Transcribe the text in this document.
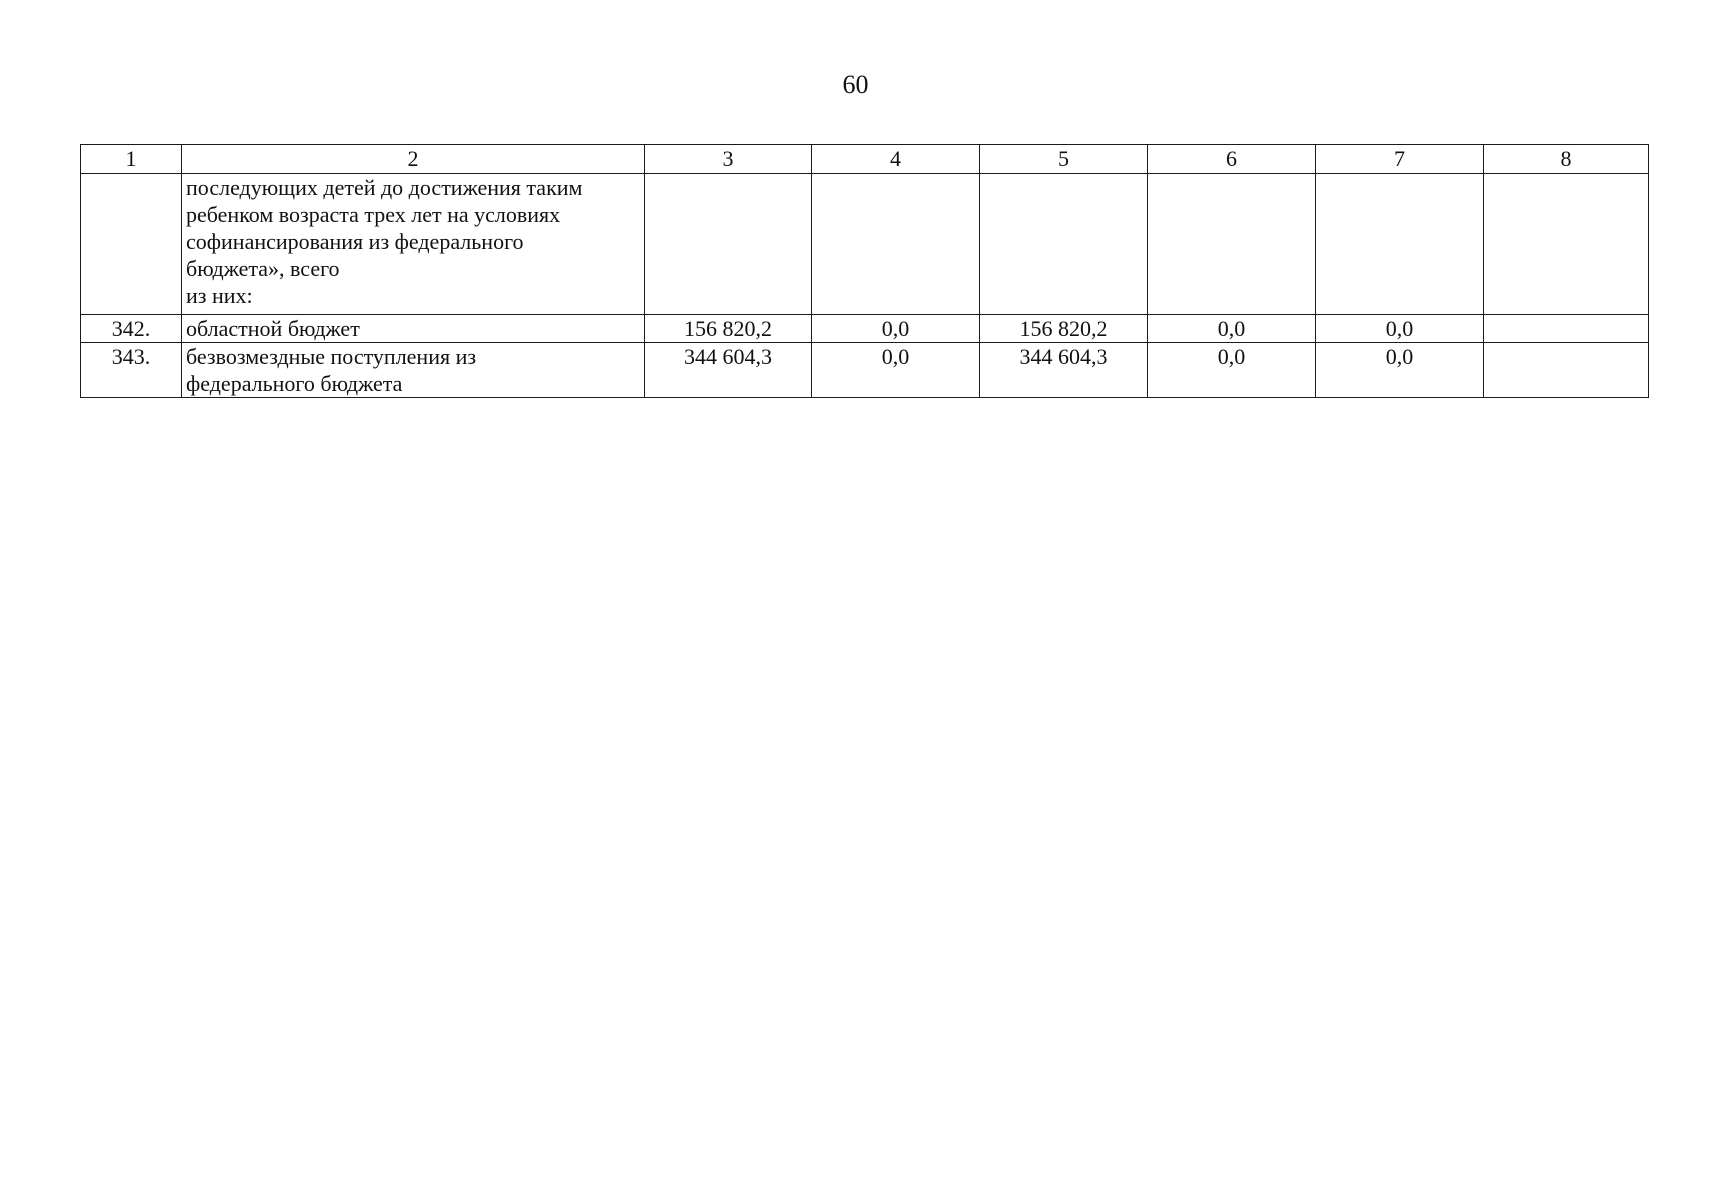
60
1	2	3	4	5	6	7	8

	последующих детей до достижения таким
ребенком возраста трех лет на условиях
софинансирования из федерального
бюджета», всего
из них:						

342.	областной бюджет	156 820,2	0,0	156 820,2	0,0	0,0	
343.	безвозмездные поступления из
федерального бюджета	344 604,3	0,0	344 604,3	0,0	0,0	
